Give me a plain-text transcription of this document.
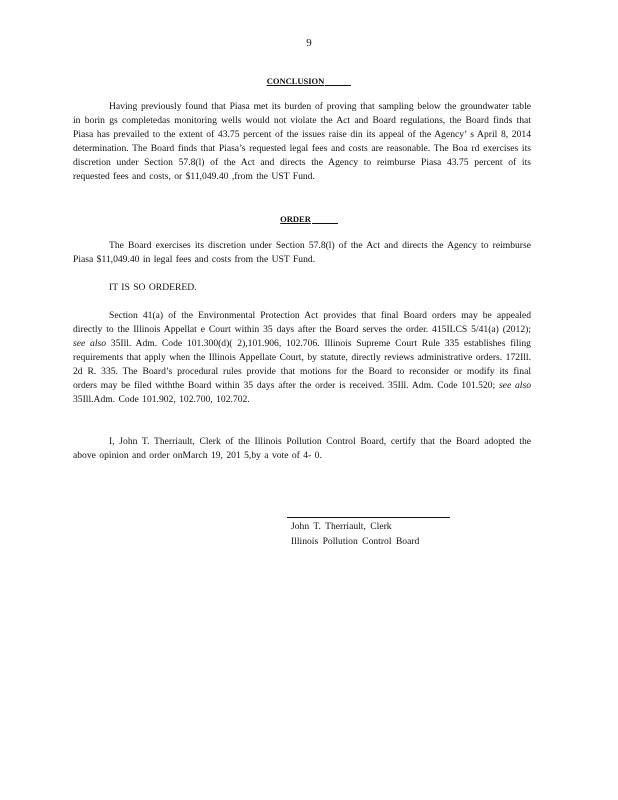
9
CONCLUSION
Having previously found that Piasa met its burden of proving that sampling below the groundwater table in borin gs completedas monitoring wells would not violate the Act and Board regulations, the Board finds that Piasa has prevailed to the extent of 43.75 percent of the issues raise din its appeal of the Agency’ s April 8, 2014 determination. The Board finds that Piasa’s requested legal fees and costs are reasonable. The Boa rd exercises its discretion under Section 57.8(l) of the Act and directs the Agency to reimburse Piasa 43.75 percent of its requested fees and costs, or $11,049.40 ,from the UST Fund.
ORDER
The Board exercises its discretion under Section 57.8(l) of the Act and directs the Agency to reimburse Piasa $11,049.40 in legal fees and costs from the UST Fund.
IT IS SO ORDERED.
Section 41(a) of the Environmental Protection Act provides that final Board orders may be appealed directly to the Illinois Appellat e Court within 35 days after the Board serves the order. 415ILCS 5/41(a) (2012); see also 35Ill. Adm. Code 101.300(d)( 2),101.906, 102.706. Illinois Supreme Court Rule 335 establishes filing requirements that apply when the Illinois Appellate Court, by statute, directly reviews administrative orders. 172Ill. 2d R. 335. The Board’s procedural rules provide that motions for the Board to reconsider or modify its final orders may be filed withthe Board within 35 days after the order is received. 35Ill. Adm. Code 101.520; see also 35Ill.Adm. Code 101.902, 102.700, 102.702.
I, John T. Therriault, Clerk of the Illinois Pollution Control Board, certify that the Board adopted the above opinion and order onMarch 19, 201 5,by a vote of 4- 0.
John T. Therriault, Clerk
Illinois Pollution Control Board
